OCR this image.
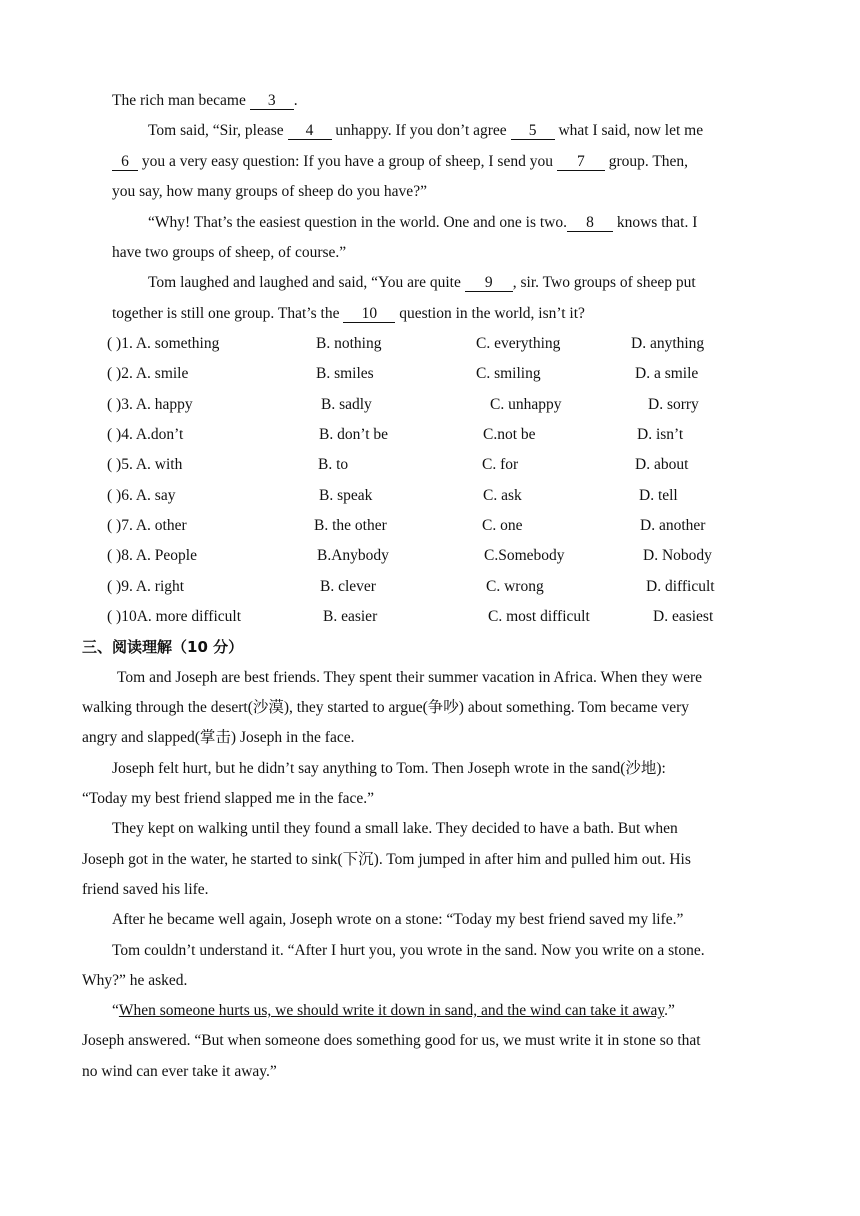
The rich man became 3 .
Tom said, “Sir, please 4 unhappy. If you don’t agree 5 what I said, now let me
6 you a very easy question: If you have a group of sheep, I send you 7 group. Then,
you say, how many groups of sheep do you have?”
“Why! That’s the easiest question in the world. One and one is two. 8 knows that. I
have two groups of sheep, of course.”
Tom laughed and laughed and said, “You are quite 9 , sir. Two groups of sheep put
together is still one group. That’s the 10 question in the world, isn’t it?
( )1. A. something	B. nothing	C. everything	D. anything
( )2. A. smile	B. smiles	C. smiling	D. a smile
( )3. A. happy	B. sadly	C. unhappy	D. sorry
( )4. A.don’t	B. don’t be	C.not be	D. isn’t
( )5. A. with	B. to	C. for	D. about
( )6. A. say	B. speak	C. ask	D. tell
( )7. A. other	B. the other	C. one	D. another
( )8. A. People	B.Anybody	C.Somebody	D. Nobody
( )9. A. right	B. clever	C. wrong	D. difficult
( )10A. more difficult	B. easier	C. most difficult	D. easiest
三、阅读理解（10 分）
Tom and Joseph are best friends. They spent their summer vacation in Africa. When they were
walking through the desert(沙漠), they started to argue(争吵) about something. Tom became very
angry and slapped(掌击) Joseph in the face.
Joseph felt hurt, but he didn’t say anything to Tom. Then Joseph wrote in the sand(沙地):
“Today my best friend slapped me in the face.”
They kept on walking until they found a small lake. They decided to have a bath. But when
Joseph got in the water, he started to sink(下沉). Tom jumped in after him and pulled him out. His
friend saved his life.
After he became well again, Joseph wrote on a stone: “Today my best friend saved my life.”
Tom couldn’t understand it. “After I hurt you, you wrote in the sand. Now you write on a stone.
Why?” he asked.
“When someone hurts us, we should write it down in sand, and the wind can take it away.”
Joseph answered. “But when someone does something good for us, we must write it in stone so that
no wind can ever take it away.”
